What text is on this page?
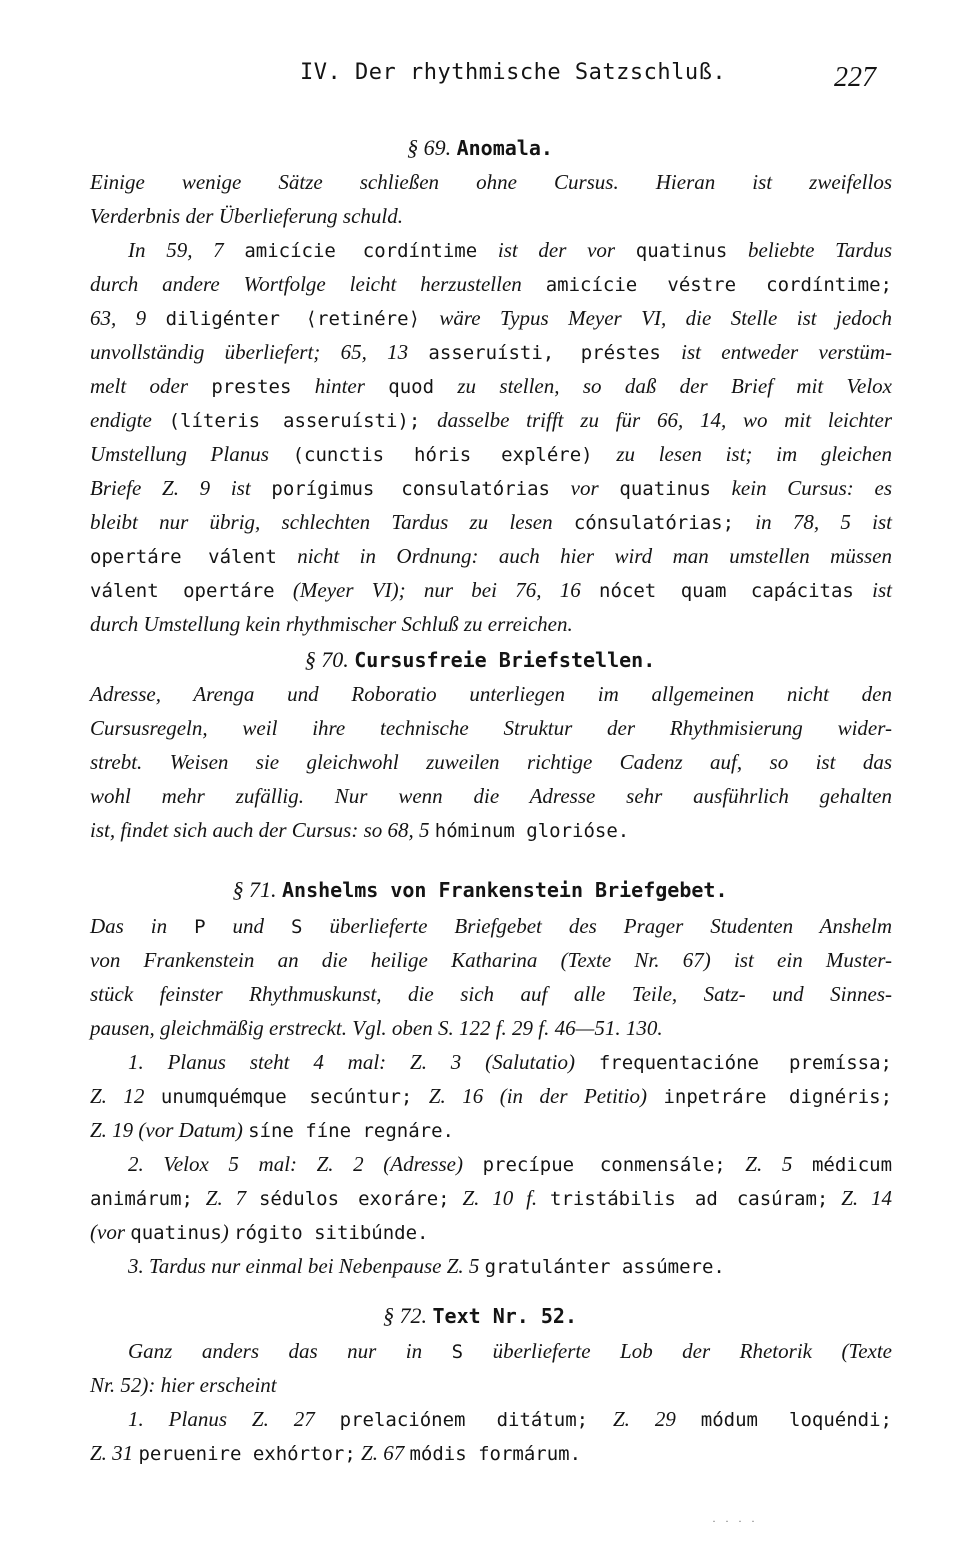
IV. Der rhythmische Satzschluß.	227
§ 69. Anomala.
Einige wenige Sätze schließen ohne Cursus. Hieran ist zweifellos
Verderbnis der Überlieferung schuld.
In 59, 7 amicície cordíntime ist der vor quatinus beliebte Tardus
durch andere Wortfolge leicht herzustellen amicície véstre cordíntime;
63, 9 diligénter ⟨retinére⟩ wäre Typus Meyer VI, die Stelle ist jedoch
unvollständig überliefert; 65, 13 asseruísti, préstes ist entweder verstüm-
melt oder prestes hinter quod zu stellen, so daß der Brief mit Velox
endigte (líteris asseruísti); dasselbe trifft zu für 66, 14, wo mit leichter
Umstellung Planus (cunctis hóris explére) zu lesen ist; im gleichen
Briefe Z. 9 ist porígimus consulatórias vor quatinus kein Cursus: es
bleibt nur übrig, schlechten Tardus zu lesen cónsulatórias; in 78, 5 ist
opertáre válent nicht in Ordnung: auch hier wird man umstellen müssen
válent opertáre (Meyer VI); nur bei 76, 16 nócet quam capácitas ist
durch Umstellung kein rhythmischer Schluß zu erreichen.
§ 70. Cursusfreie Briefstellen.
Adresse, Arenga und Roboratio unterliegen im allgemeinen nicht den
Cursusregeln, weil ihre technische Struktur der Rhythmisierung wider-
strebt. Weisen sie gleichwohl zuweilen richtige Cadenz auf, so ist das
wohl mehr zufällig. Nur wenn die Adresse sehr ausführlich gehalten
ist, findet sich auch der Cursus: so 68, 5 hóminum glorióse.
§ 71. Anshelms von Frankenstein Briefgebet.
Das in P und S überlieferte Briefgebet des Prager Studenten Anshelm
von Frankenstein an die heilige Katharina (Texte Nr. 67) ist ein Muster-
stück feinster Rhythmuskunst, die sich auf alle Teile, Satz- und Sinnes-
pausen, gleichmäßig erstreckt. Vgl. oben S. 122 f. 29 f. 46—51. 130.
1. Planus steht 4 mal: Z. 3 (Salutatio) frequentacióne premíssa;
Z. 12 unumquémque secúntur; Z. 16 (in der Petitio) inpetráre dignéris;
Z. 19 (vor Datum) síne fíne regnáre.
2. Velox 5 mal: Z. 2 (Adresse) precípue conmensále; Z. 5 médicum
animárum; Z. 7 sédulos exoráre; Z. 10 f. tristábilis ad casúram; Z. 14
(vor quatinus) rógito sitibúnde.
3. Tardus nur einmal bei Nebenpause Z. 5 gratulánter assúmere.
§ 72. Text Nr. 52.
Ganz anders das nur in S überlieferte Lob der Rhetorik (Texte
Nr. 52): hier erscheint
1. Planus Z. 27 prelaciónem ditátum; Z. 29 módum loquéndi;
Z. 31 peruenire exhórtor; Z. 67 módis formárum.
· · · ·
